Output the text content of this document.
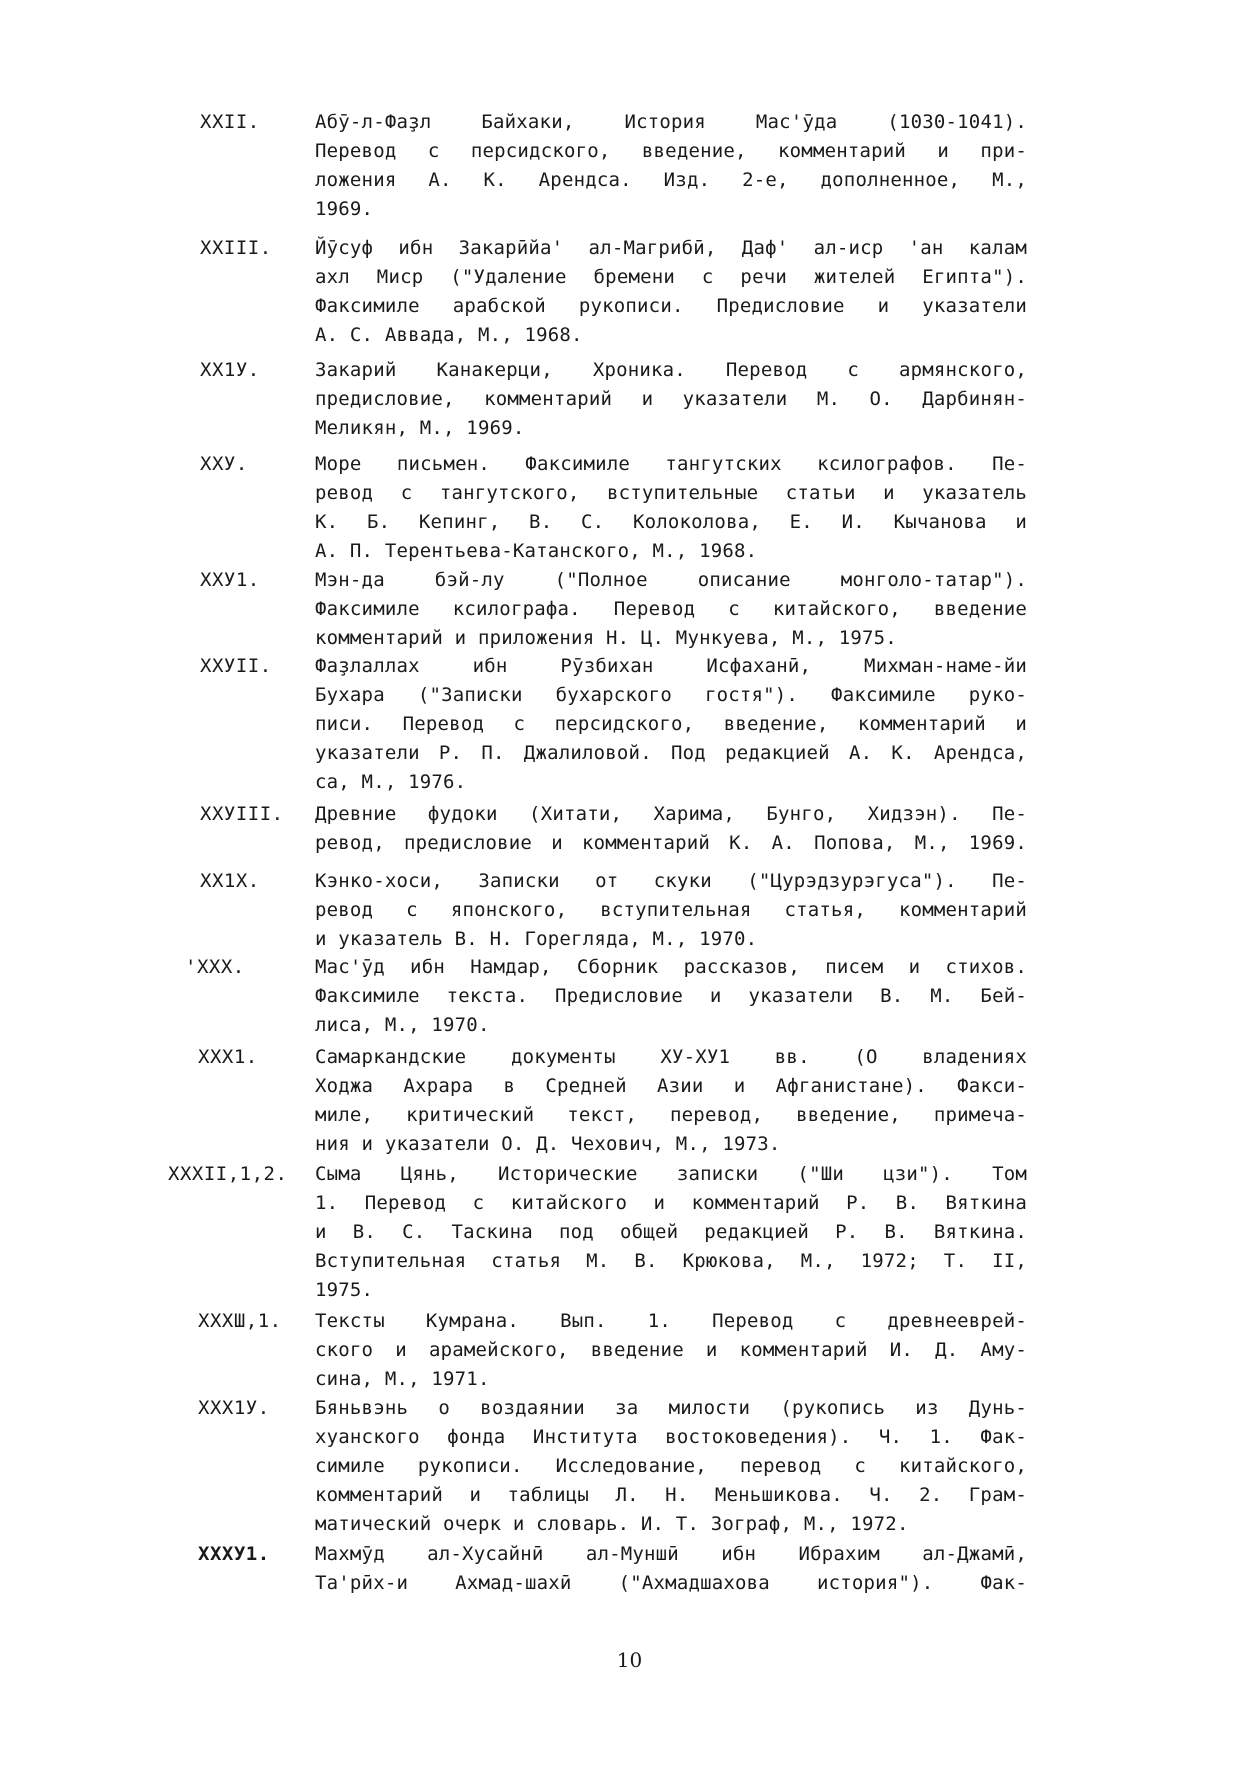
XXII.	Абӯ-л-Фаҙл Байхаки, История Мас'ӯда (1030-1041).
Перевод с персидского, введение, комментарий и при-
ложения А. К. Арендса. Изд. 2-е, дополненное, М.,
1969.
XXIII. Йӯсуф ибн Закарӣйа' ал-Магрибӣ, Даф' ал-иср 'ан калам
ахл Миср ("Удаление бремени с речи жителей Египта").
Факсимиле арабской рукописи. Предисловие и указатели
А. С. Аввада, М., 1968.
XX1У.	Закарий Канакерци, Хроника. Перевод с армянского,
предисловие, комментарий и указатели М. О. Дарбинян-
Меликян, М., 1969.
XXУ.	Море письмен. Факсимиле тангутских ксилографов. Пе-
ревод с тангутского, вступительные статьи и указатель
К. Б. Кепинг, В. С. Колоколова, Е. И. Кычанова и
А. П. Терентьева-Катанского, М., 1968.
XXУ1.	Мэн-да бэй-лу ("Полное описание монголо-татар").
Факсимиле ксилографа. Перевод с китайского, введение
комментарий и приложения Н. Ц. Мункуева, М., 1975.
XXУII. Фаҙлаллах ибн Рӯзбихан Исфаханӣ, Михман-наме-йи
Бухара ("Записки бухарского гостя"). Факсимиле руко-
писи. Перевод с персидского, введение, комментарий и
указатели Р. П. Джалиловой. Под редакцией А. К. Арендса,
са, М., 1976.
XXУIII. Древние фудоки (Хитати, Харима, Бунго, Хидзэн). Пе-
ревод, предисловие и комментарий К. А. Попова, М., 1969.
XX1X.	Кэнко-хоси, Записки от скуки ("Цурэдзурэгуса"). Пе-
ревод с японского, вступительная статья, комментарий
и указатель В. Н. Горегляда, М., 1970.
'XXX.	Мас'ӯд ибн Намдар, Сборник рассказов, писем и стихов.
Факсимиле текста. Предисловие и указатели В. М. Бей-
лиса, М., 1970.
XXX1.	Самаркандские документы XУ-XУ1 вв. (О владениях
Ходжа Ахрара в Средней Азии и Афганистане). Факси-
миле, критический текст, перевод, введение, примеча-
ния и указатели О. Д. Чехович, М., 1973.
XXXII,1,2. Сыма Цянь, Исторические записки ("Ши цзи"). Том
1. Перевод с китайского и комментарий Р. В. Вяткина
и В. С. Таскина под общей редакцией Р. В. Вяткина.
Вступительная статья М. В. Крюкова, М., 1972; Т. II,
1975.
XXXШ,1. Тексты Кумрана. Вып. 1. Перевод с древнееврей-
ского и арамейского, введение и комментарий И. Д. Аму-
сина, М., 1971.
XXX1У. Бяньвэнь о воздаянии за милости (рукопись из Дунь-
хуанского фонда Института востоковедения). Ч. 1. Фак-
симиле рукописи. Исследование, перевод с китайского,
комментарий и таблицы Л. Н. Меньшикова. Ч. 2. Грам-
матический очерк и словарь. И. Т. Зограф, М., 1972.
XXXУ1. Махмӯд ал-Хусайнӣ ал-Муншӣ ибн Ибрахим ал-Джамӣ,
Та'рӣх-и Ахмад-шахӣ ("Ахмадшахова история"). Фак-
10
